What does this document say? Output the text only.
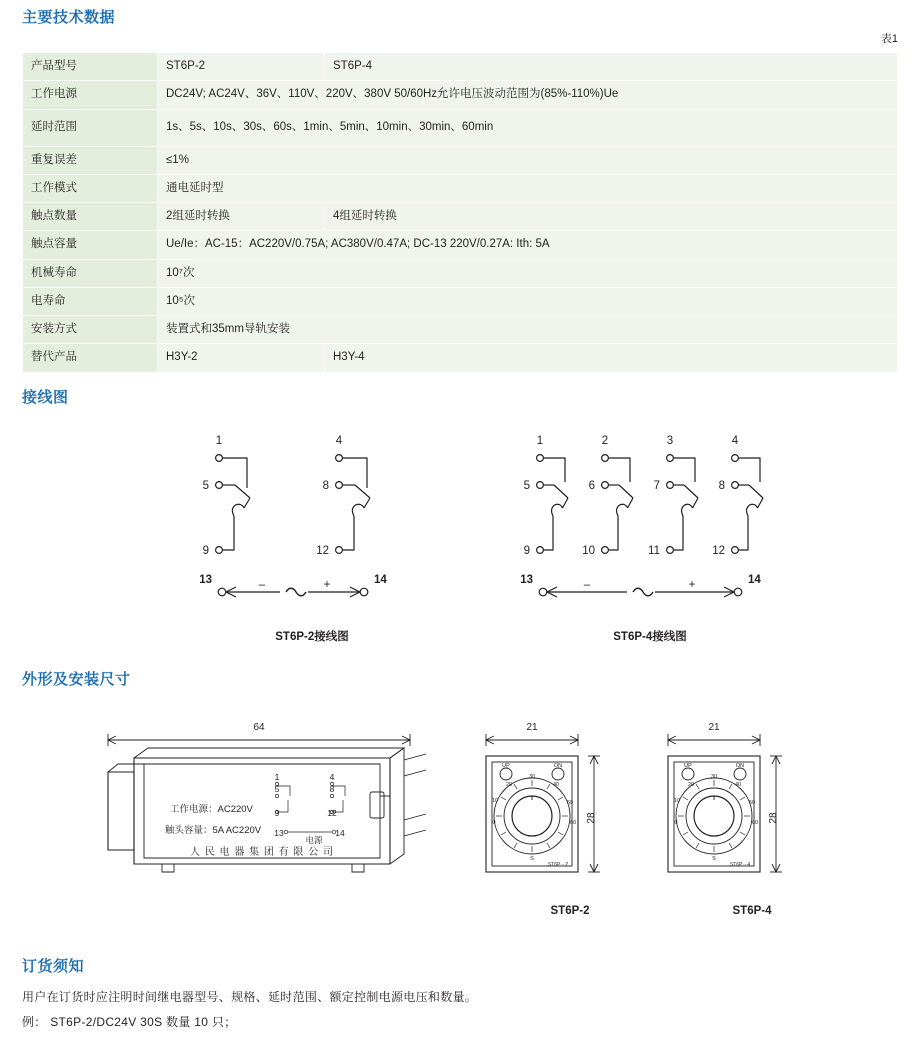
主要技术数据
表1
产品型号	ST6P-2	ST6P-4
工作电源	DC24V; AC24V、36V、110V、220V、380V 50/60Hz允许电压波动范围为(85%-110%)Ue	
延时范围	1s、5s、10s、30s、60s、1min、5min、10min、30min、60min	
重复误差	≤1%	
工作模式	通电延时型	
触点数量	2组延时转换	4组延时转换
触点容量	Ue/Ie：AC-15：AC220V/0.75A; AC380V/0.47A; DC-13 220V/0.27A: Ith: 5A	
机械寿命	10⁷次	
电寿命	10⁵次	
安装方式	装置式和35mm导轨安装	
替代产品	H3Y-2	H3Y-4
接线图
1	4
5	8
9	12
13	14
–	+
1	2	3	4
5	6	7	8
9	10	11	12
13	14
–	+
ST6P-2接线图	ST6P-4接线图
外形及安装尺寸
64
1	4
5	8
9	12
13	14
工作电源：AC220V
触头容量：5A AC220V
电源
人 民 电 器 集 团 有 限 公 司
30
40
50
60
0
10
20
S
UP	ON
ST6P－2
21
28
30
40
50
60
0
10
20
S
UP	ON
ST6P－4
21
28
ST6P-2	ST6P-4
订货须知
用户在订货时应注明时间继电器型号、规格、延时范围、额定控制电源电压和数量。
例： ST6P-2/DC24V 30S 数量 10 只；
